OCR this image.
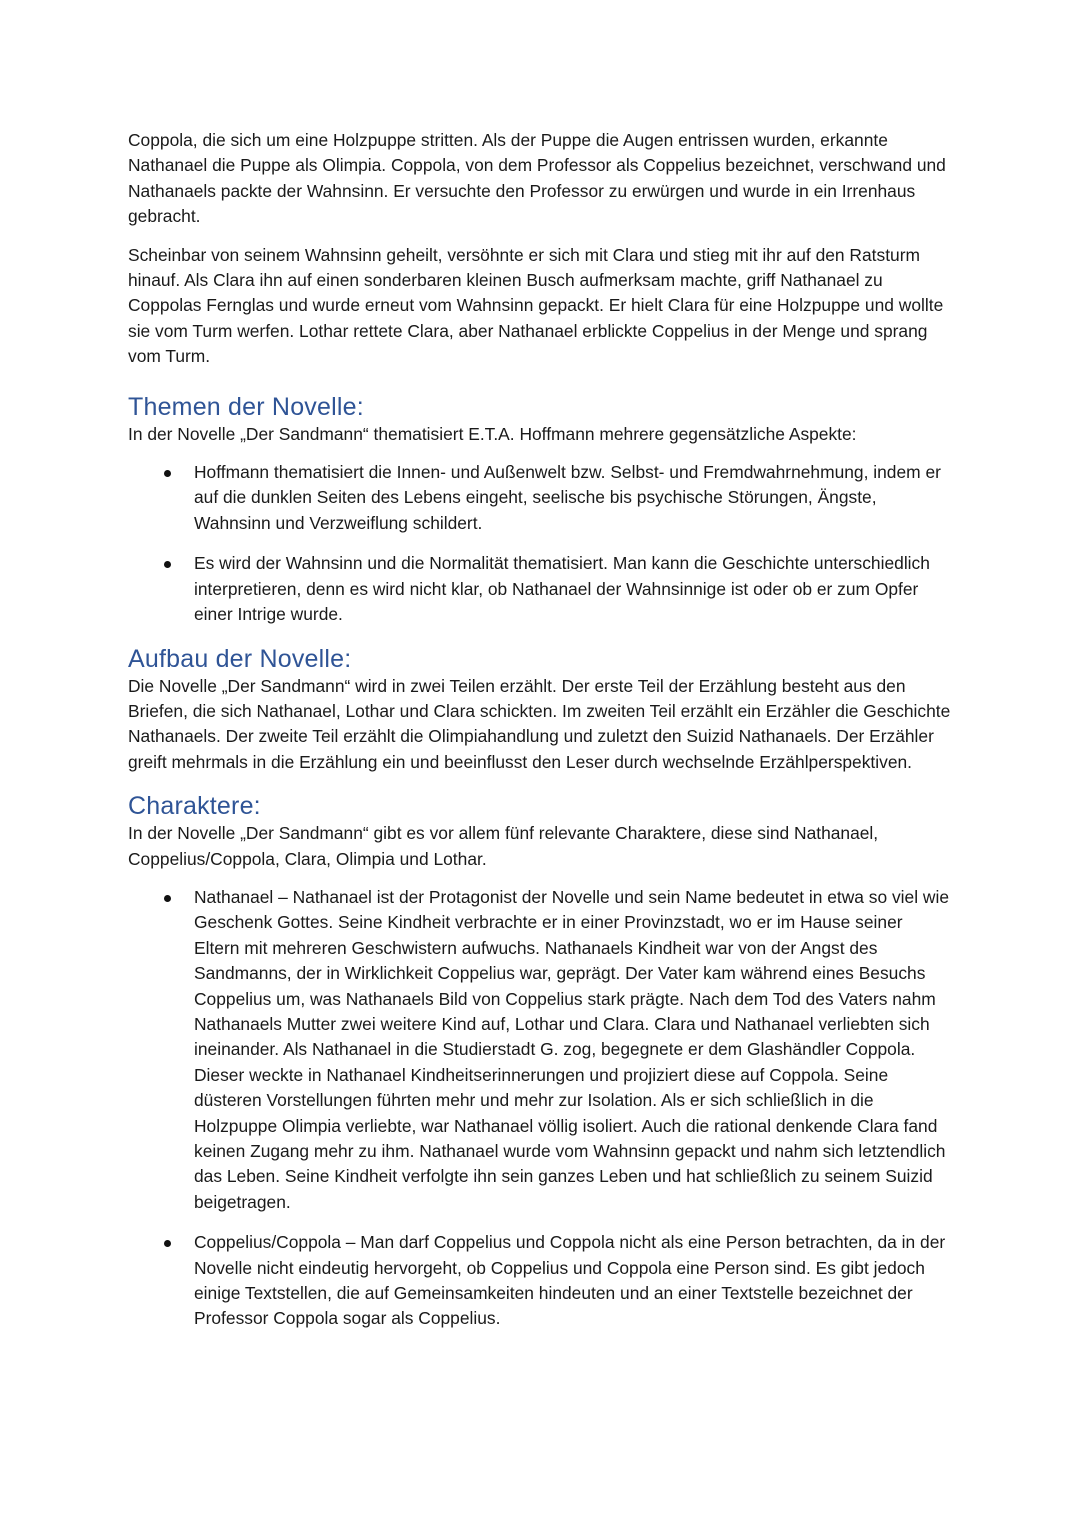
Coppola, die sich um eine Holzpuppe stritten. Als der Puppe die Augen entrissen wurden, erkannte Nathanael die Puppe als Olimpia. Coppola, von dem Professor als Coppelius bezeichnet, verschwand und Nathanaels packte der Wahnsinn. Er versuchte den Professor zu erwürgen und wurde in ein Irrenhaus gebracht.

Scheinbar von seinem Wahnsinn geheilt, versöhnte er sich mit Clara und stieg mit ihr auf den Ratsturm hinauf. Als Clara ihn auf einen sonderbaren kleinen Busch aufmerksam machte, griff Nathanael zu Coppolas Fernglas und wurde erneut vom Wahnsinn gepackt. Er hielt Clara für eine Holzpuppe und wollte sie vom Turm werfen. Lothar rettete Clara, aber Nathanael erblickte Coppelius in der Menge und sprang vom Turm.

Themen der Novelle:

In der Novelle „Der Sandmann“ thematisiert E.T.A. Hoffmann mehrere gegensätzliche Aspekte:

Hoffmann thematisiert die Innen- und Außenwelt bzw. Selbst- und Fremdwahrnehmung, indem er auf die dunklen Seiten des Lebens eingeht, seelische bis psychische Störungen, Ängste, Wahnsinn und Verzweiflung schildert.
Es wird der Wahnsinn und die Normalität thematisiert. Man kann die Geschichte unterschiedlich interpretieren, denn es wird nicht klar, ob Nathanael der Wahnsinnige ist oder ob er zum Opfer einer Intrige wurde.
Aufbau der Novelle:

Die Novelle „Der Sandmann“ wird in zwei Teilen erzählt. Der erste Teil der Erzählung besteht aus den Briefen, die sich Nathanael, Lothar und Clara schickten. Im zweiten Teil erzählt ein Erzähler die Geschichte Nathanaels. Der zweite Teil erzählt die Olimpiahandlung und zuletzt den Suizid Nathanaels. Der Erzähler greift mehrmals in die Erzählung ein und beeinflusst den Leser durch wechselnde Erzählperspektiven.

Charaktere:

In der Novelle „Der Sandmann“ gibt es vor allem fünf relevante Charaktere, diese sind Nathanael, Coppelius/Coppola, Clara, Olimpia und Lothar.

Nathanael – Nathanael ist der Protagonist der Novelle und sein Name bedeutet in etwa so viel wie Geschenk Gottes. Seine Kindheit verbrachte er in einer Provinzstadt, wo er im Hause seiner Eltern mit mehreren Geschwistern aufwuchs. Nathanaels Kindheit war von der Angst des Sandmanns, der in Wirklichkeit Coppelius war, geprägt. Der Vater kam während eines Besuchs Coppelius um, was Nathanaels Bild von Coppelius stark prägte. Nach dem Tod des Vaters nahm Nathanaels Mutter zwei weitere Kind auf, Lothar und Clara. Clara und Nathanael verliebten sich ineinander. Als Nathanael in die Studierstadt G. zog, begegnete er dem Glashändler Coppola. Dieser weckte in Nathanael Kindheitserinnerungen und projiziert diese auf Coppola. Seine düsteren Vorstellungen führten mehr und mehr zur Isolation. Als er sich schließlich in die Holzpuppe Olimpia verliebte, war Nathanael völlig isoliert. Auch die rational denkende Clara fand keinen Zugang mehr zu ihm. Nathanael wurde vom Wahnsinn gepackt und nahm sich letztendlich das Leben. Seine Kindheit verfolgte ihn sein ganzes Leben und hat schließlich zu seinem Suizid beigetragen.
Coppelius/Coppola – Man darf Coppelius und Coppola nicht als eine Person betrachten, da in der Novelle nicht eindeutig hervorgeht, ob Coppelius und Coppola eine Person sind. Es gibt jedoch einige Textstellen, die auf Gemeinsamkeiten hindeuten und an einer Textstelle bezeichnet der Professor Coppola sogar als Coppelius.
